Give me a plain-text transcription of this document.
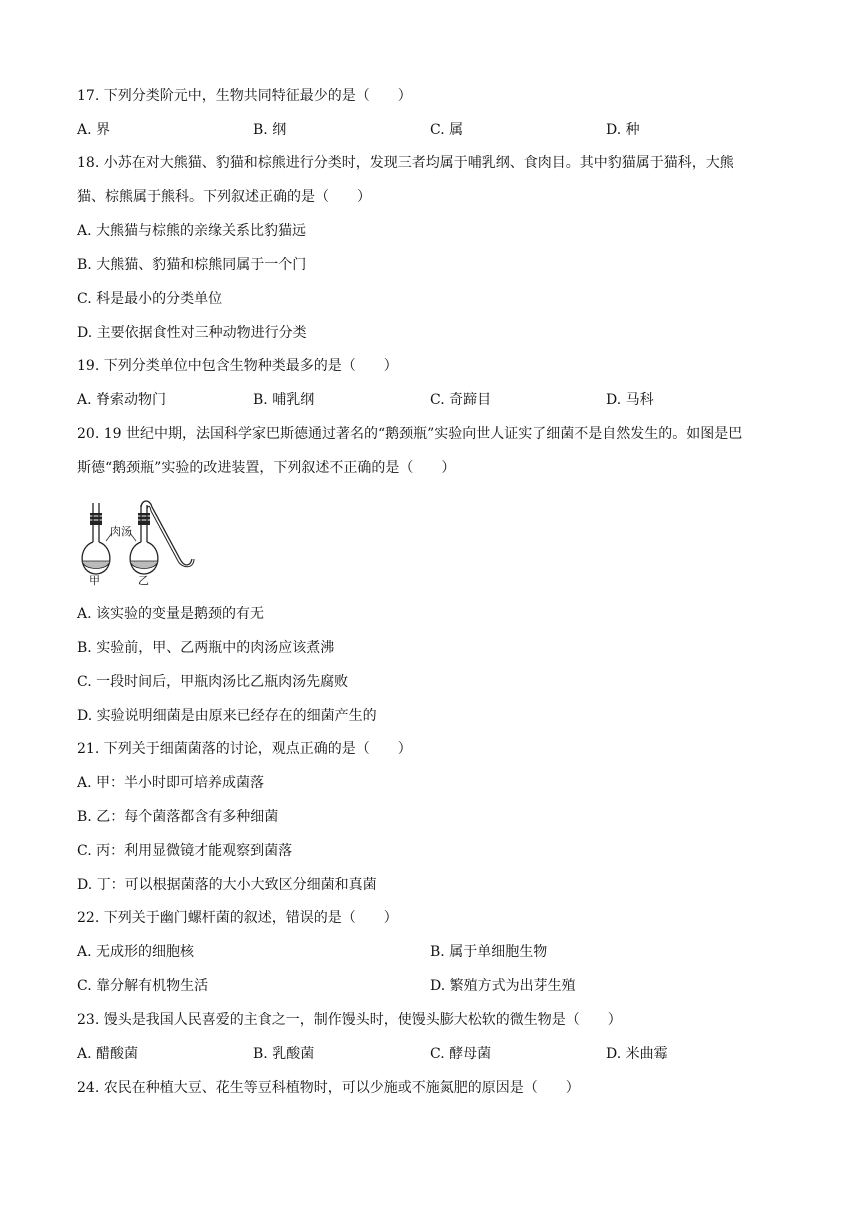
17. 下列分类阶元中，生物共同特征最少的是（　　）
A. 界	B. 纲	C. 属	D. 种
18. 小苏在对大熊猫、豹猫和棕熊进行分类时，发现三者均属于哺乳纲、食肉目。其中豹猫属于猫科，大熊
猫、棕熊属于熊科。下列叙述正确的是（　　）
A. 大熊猫与棕熊的亲缘关系比豹猫远
B. 大熊猫、豹猫和棕熊同属于一个门
C. 科是最小的分类单位
D. 主要依据食性对三种动物进行分类
19. 下列分类单位中包含生物种类最多的是（　　）
A. 脊索动物门	B. 哺乳纲	C. 奇蹄目	D. 马科
20. 19 世纪中期，法国科学家巴斯德通过著名的“鹅颈瓶”实验向世人证实了细菌不是自然发生的。如图是巴
斯德“鹅颈瓶”实验的改进装置，下列叙述不正确的是（　　）
肉汤
甲	乙
A. 该实验的变量是鹅颈的有无
B. 实验前，甲、乙两瓶中的肉汤应该煮沸
C. 一段时间后，甲瓶肉汤比乙瓶肉汤先腐败
D. 实验说明细菌是由原来已经存在的细菌产生的
21. 下列关于细菌菌落的讨论，观点正确的是（　　）
A. 甲：半小时即可培养成菌落
B. 乙：每个菌落都含有多种细菌
C. 丙：利用显微镜才能观察到菌落
D. 丁：可以根据菌落的大小大致区分细菌和真菌
22. 下列关于幽门螺杆菌的叙述，错误的是（　　）
A. 无成形的细胞核	B. 属于单细胞生物
C. 靠分解有机物生活	D. 繁殖方式为出芽生殖
23. 馒头是我国人民喜爱的主食之一，制作馒头时，使馒头膨大松软的微生物是（　　）
A. 醋酸菌	B. 乳酸菌	C. 酵母菌	D. 米曲霉
24. 农民在种植大豆、花生等豆科植物时，可以少施或不施氮肥的原因是（　　）
